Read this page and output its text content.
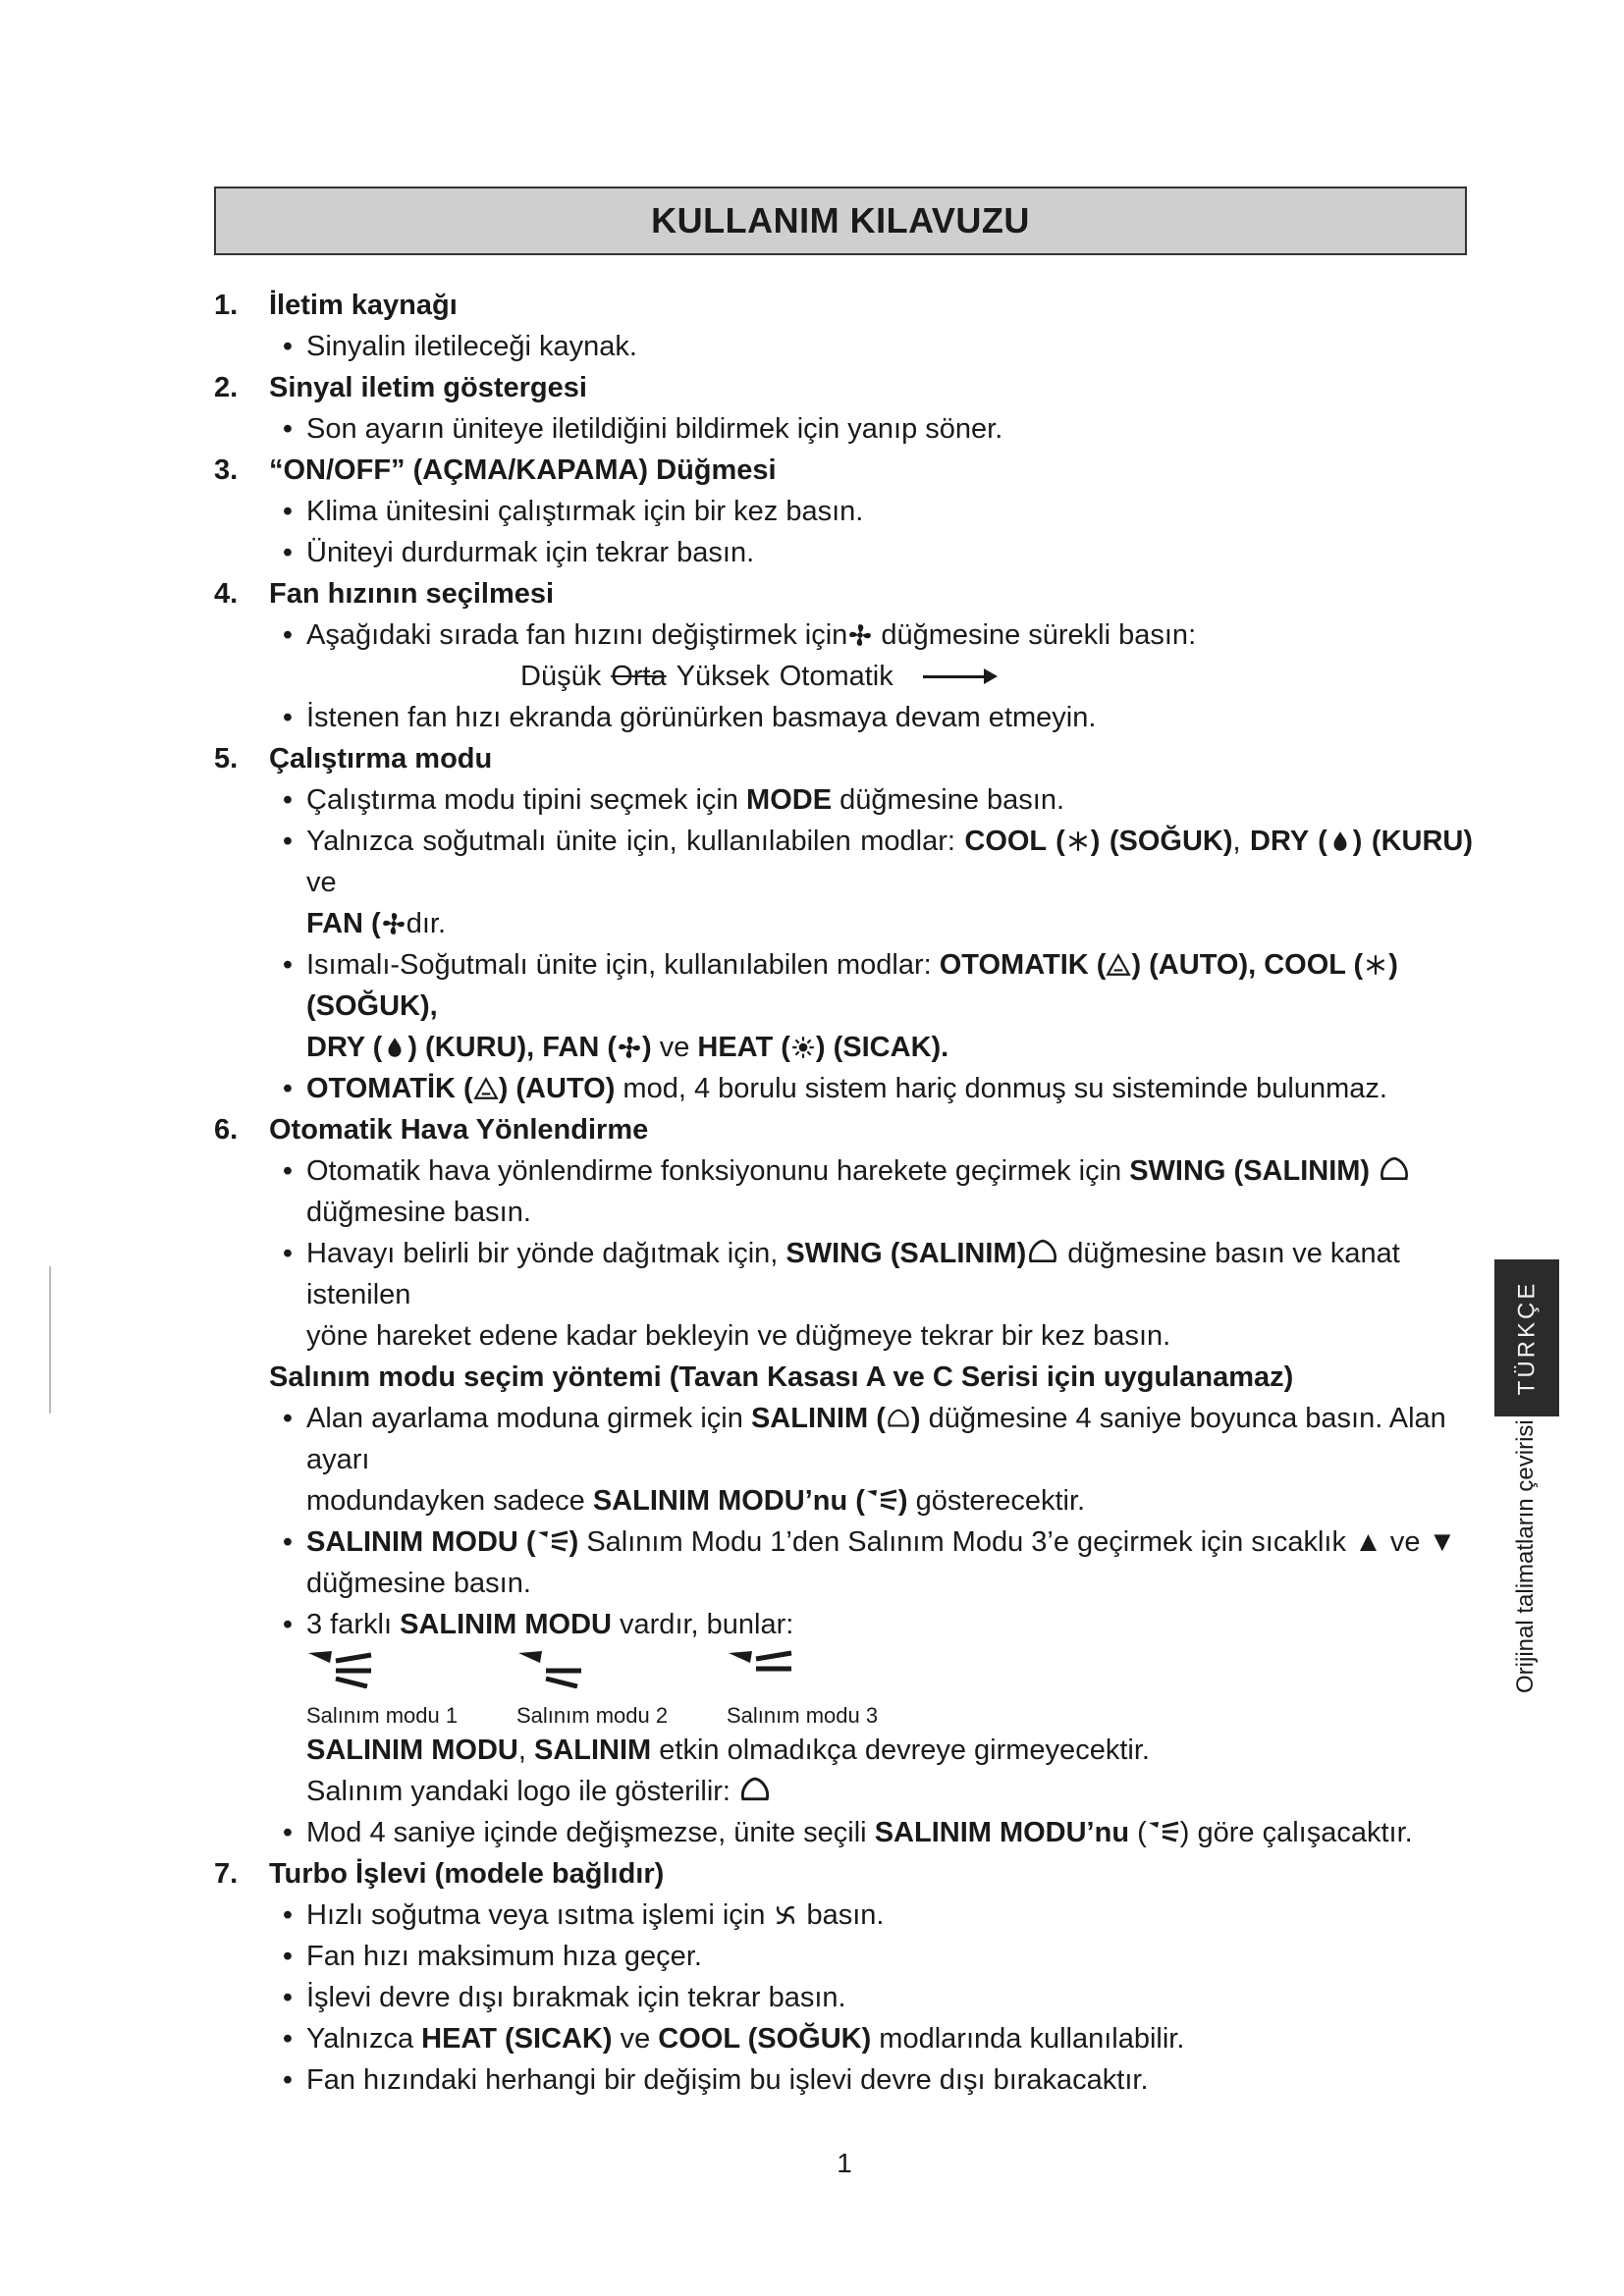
KULLANIM KILAVUZU
1.	İletim kaynağı
• Sinyalin iletileceği kaynak.
2.	Sinyal iletim göstergesi
• Son ayarın üniteye iletildiğini bildirmek için yanıp söner.
3.	“ON/OFF” (AÇMA/KAPAMA) Düğmesi
• Klima ünitesini çalıştırmak için bir kez basın.
• Üniteyi durdurmak için tekrar basın.
4.	Fan hızının seçilmesi
• Aşağıdaki sırada fan hızını değiştirmek için
düğmesine sürekli basın:
Düşük Orta Yüksek Otomatik
• İstenen fan hızı ekranda görünürken basmaya devam etmeyin.
5.	Çalıştırma modu
• Çalıştırma modu tipini seçmek için MODE düğmesine basın.
• Yalnızca soğutmalı ünite için, kullanılabilen modlar: COOL ( ) (SOĞUK), DRY ( ) (KURU) ve
FAN ( dır.
• Isımalı-Soğutmalı ünite için, kullanılabilen modlar: OTOMATIK ( ) (AUTO), COOL ( ) (SOĞUK),
DRY ( ) (KURU), FAN ( ) ve HEAT ( ) (SICAK).
• OTOMATİK ( ) (AUTO) mod, 4 borulu sistem hariç donmuş su sisteminde bulunmaz.
6.	Otomatik Hava Yönlendirme
• Otomatik hava yönlendirme fonksiyonunu harekete geçirmek için SWING (SALINIM)

düğmesine basın.
• Havayı belirli bir yönde dağıtmak için, SWING (SALINIM)
düğmesine basın ve kanat istenilen
yöne hareket edene kadar bekleyin ve düğmeye tekrar bir kez basın.
Salınım modu seçim yöntemi (Tavan Kasası A ve C Serisi için uygulanamaz)
• Alan ayarlama moduna girmek için SALINIM ( ) düğmesine 4 saniye boyunca basın. Alan ayarı
modundayken sadece SALINIM MODU’nu ( ) gösterecektir.
• SALINIM MODU ( ) Salınım Modu 1’den Salınım Modu 3’e geçirmek için sıcaklık ▲ ve ▼
düğmesine basın.
• 3 farklı SALINIM MODU vardır, bunlar:
Salınım modu 1	Salınım modu 2	Salınım modu 3
SALINIM MODU, SALINIM etkin olmadıkça devreye girmeyecektir.
Salınım yandaki logo ile gösterilir:
• Mod 4 saniye içinde değişmezse, ünite seçili SALINIM MODU’nu ( ) göre çalışacaktır.
7.	Turbo İşlevi (modele bağlıdır)
• Hızlı soğutma veya ısıtma işlemi için
basın.
• Fan hızı maksimum hıza geçer.
• İşlevi devre dışı bırakmak için tekrar basın.
• Yalnızca HEAT (SICAK) ve COOL (SOĞUK) modlarında kullanılabilir.
• Fan hızındaki herhangi bir değişim bu işlevi devre dışı bırakacaktır.
TÜRKÇE
Orijinal talimatların çevirisi
1
